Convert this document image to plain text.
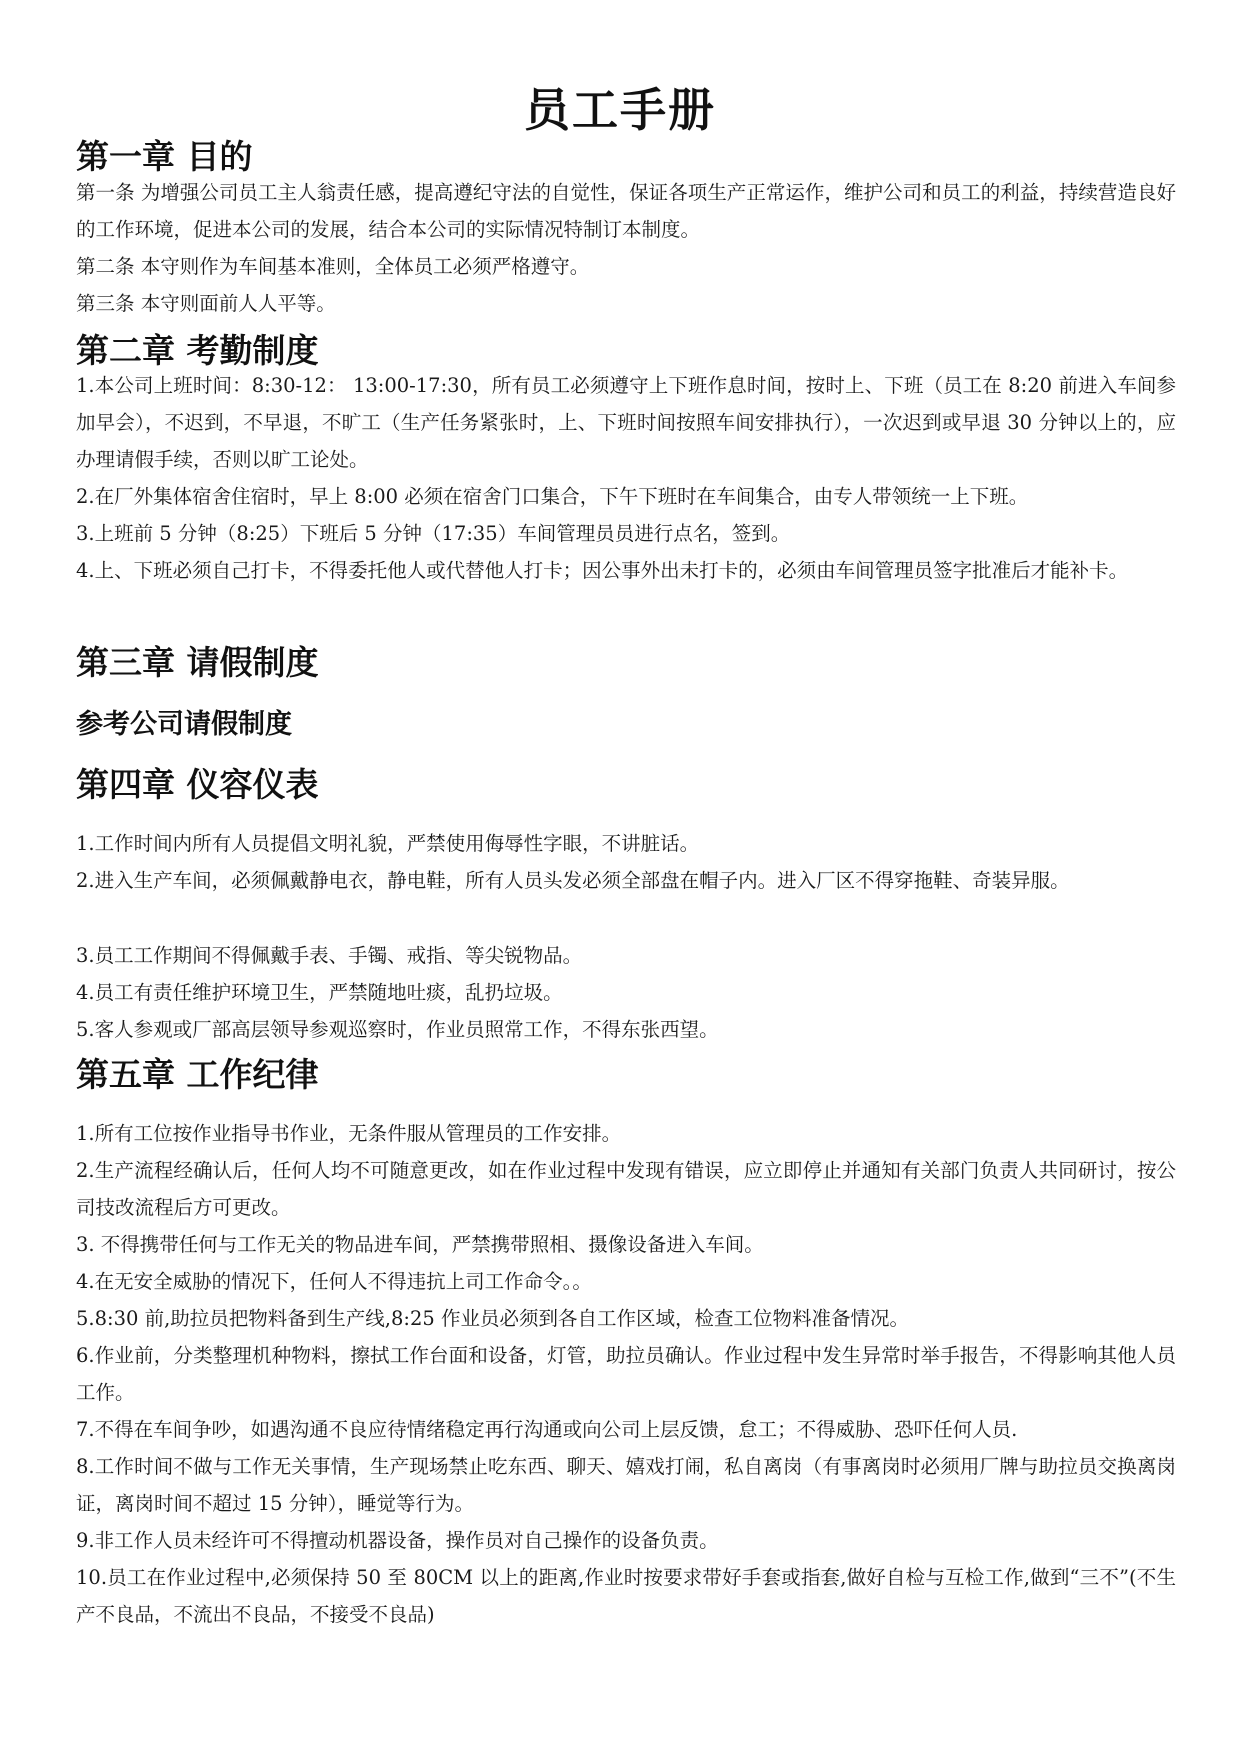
员工手册
第一章 目的
第一条 为增强公司员工主人翁责任感，提高遵纪守法的自觉性，保证各项生产正常运作，维护公司和员工的利益，持续营造良好的工作环境，促进本公司的发展，结合本公司的实际情况特制订本制度。
第二条 本守则作为车间基本准则，全体员工必须严格遵守。
第三条 本守则面前人人平等。
第二章 考勤制度
1.本公司上班时间：8:30-12： 13:00-17:30，所有员工必须遵守上下班作息时间，按时上、下班（员工在 8:20 前进入车间参加早会），不迟到，不早退，不旷工（生产任务紧张时，上、下班时间按照车间安排执行），一次迟到或早退 30 分钟以上的，应办理请假手续，否则以旷工论处。
2.在厂外集体宿舍住宿时，早上 8:00 必须在宿舍门口集合，下午下班时在车间集合，由专人带领统一上下班。
3.上班前 5 分钟（8:25）下班后 5 分钟（17:35）车间管理员员进行点名，签到。
4.上、下班必须自己打卡，不得委托他人或代替他人打卡；因公事外出未打卡的，必须由车间管理员签字批准后才能补卡。
第三章 请假制度
参考公司请假制度
第四章 仪容仪表
1.工作时间内所有人员提倡文明礼貌，严禁使用侮辱性字眼，不讲脏话。
2.进入生产车间，必须佩戴静电衣，静电鞋，所有人员头发必须全部盘在帽子内。进入厂区不得穿拖鞋、奇装异服。
3.员工工作期间不得佩戴手表、手镯、戒指、等尖锐物品。
4.员工有责任维护环境卫生，严禁随地吐痰，乱扔垃圾。
5.客人参观或厂部高层领导参观巡察时，作业员照常工作，不得东张西望。
第五章 工作纪律
1.所有工位按作业指导书作业，无条件服从管理员的工作安排。
2.生产流程经确认后，任何人均不可随意更改，如在作业过程中发现有错误，应立即停止并通知有关部门负责人共同研讨，按公司技改流程后方可更改。
3. 不得携带任何与工作无关的物品进车间，严禁携带照相、摄像设备进入车间。
4.在无安全威胁的情况下，任何人不得违抗上司工作命令。。
5.8:30 前,助拉员把物料备到生产线,8:25 作业员必须到各自工作区域，检查工位物料准备情况。
6.作业前，分类整理机种物料，擦拭工作台面和设备，灯管，助拉员确认。作业过程中发生异常时举手报告，不得影响其他人员工作。
7.不得在车间争吵，如遇沟通不良应待情绪稳定再行沟通或向公司上层反馈，怠工；不得威胁、恐吓任何人员.
8.工作时间不做与工作无关事情，生产现场禁止吃东西、聊天、嬉戏打闹，私自离岗（有事离岗时必须用厂牌与助拉员交换离岗证，离岗时间不超过 15 分钟），睡觉等行为。
9.非工作人员未经许可不得擅动机器设备，操作员对自己操作的设备负责。
10.员工在作业过程中,必须保持 50 至 80CM 以上的距离,作业时按要求带好手套或指套,做好自检与互检工作,做到“三不”(不生产不良品，不流出不良品，不接受不良品)
